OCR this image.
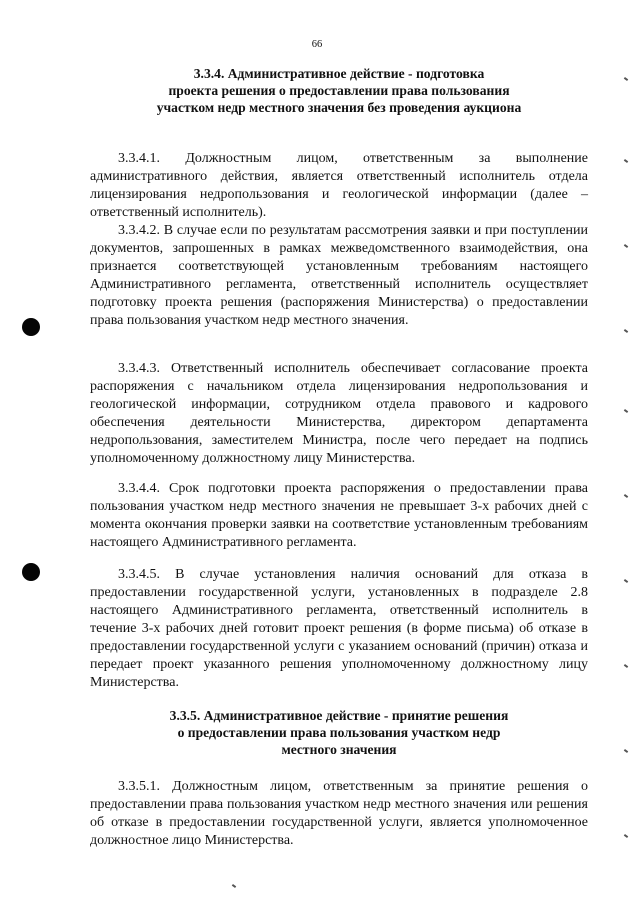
66
3.3.4. Административное действие - подготовка
проекта решения о предоставлении права пользования
участком недр местного значения без проведения аукциона

3.3.4.1. Должностным лицом, ответственным за выполнение административного действия, является ответственный исполнитель отдела лицензирования недропользования и геологической информации (далее – ответственный исполнитель).

3.3.4.2. В случае если по результатам рассмотрения заявки и при поступлении документов, запрошенных в рамках межведомственного взаимодействия, она признается соответствующей установленным требованиям настоящего Административного регламента, ответственный исполнитель осуществляет подготовку проекта решения (распоряжения Министерства) о предоставлении права пользования участком недр местного значения.

3.3.4.3. Ответственный исполнитель обеспечивает согласование проекта распоряжения с начальником отдела лицензирования недропользования и геологической информации, сотрудником отдела правового и кадрового обеспечения деятельности Министерства, директором департамента недропользования, заместителем Министра, после чего передает на подпись уполномоченному должностному лицу Министерства.

3.3.4.4. Срок подготовки проекта распоряжения о предоставлении права пользования участком недр местного значения не превышает 3-х рабочих дней с момента окончания проверки заявки на соответствие установленным требованиям настоящего Административного регламента.

3.3.4.5. В случае установления наличия оснований для отказа в предоставлении государственной услуги, установленных в подразделе 2.8 настоящего Административного регламента, ответственный исполнитель в течение 3-х рабочих дней готовит проект решения (в форме письма) об отказе в предоставлении государственной услуги с указанием оснований (причин) отказа и передает проект указанного решения уполномоченному должностному лицу Министерства.

3.3.5. Административное действие - принятие решения
о предоставлении права пользования участком недр
местного значения

3.3.5.1. Должностным лицом, ответственным за принятие решения о предоставлении права пользования участком недр местного значения или решения об отказе в предоставлении государственной услуги, является уполномоченное должностное лицо Министерства.
